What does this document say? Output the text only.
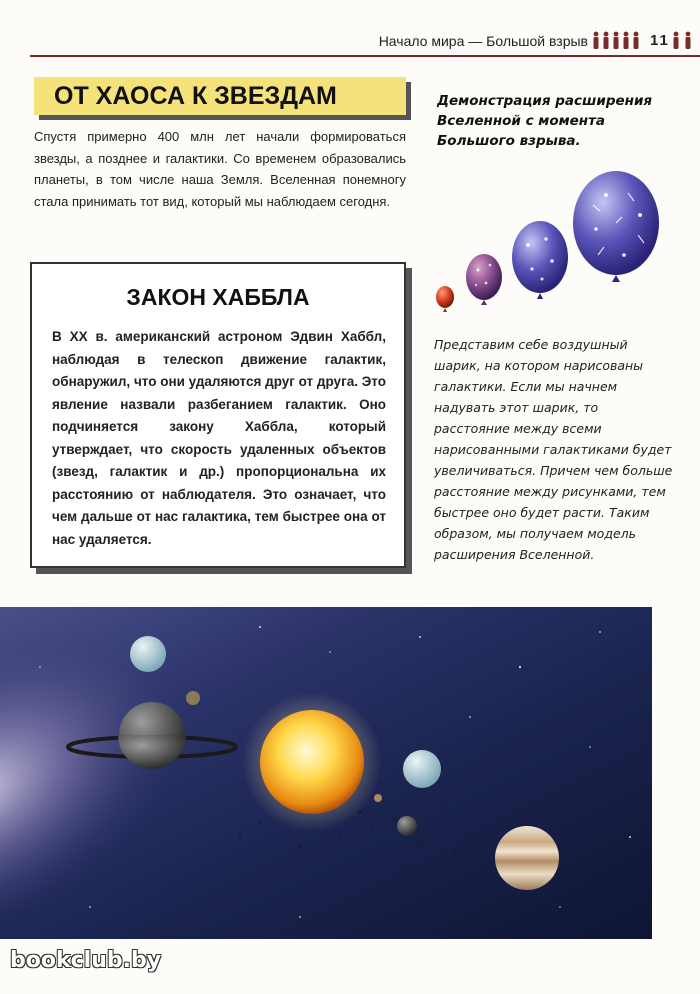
Начало мира — Большой взрыв	11
ОТ ХАОСА К ЗВЕЗДАМ
Спустя примерно 400 млн лет начали формироваться звезды, а позднее и галактики. Со временем образовались планеты, в том числе наша Земля. Вселенная понемногу стала принимать тот вид, который мы наблюдаем сегодня.
ЗАКОН ХАББЛА
В XX в. американский астроном Эдвин Хаббл, наблюдая в телескоп движение галактик, обнаружил, что они удаляются друг от друга. Это явление назвали разбеганием галактик. Оно подчиняется закону Хаббла, который утверждает, что скорость удаленных объектов (звезд, галактик и др.) пропорциональна их расстоянию от наблюдателя. Это означает, что чем дальше от нас галактика, тем быстрее она от нас удаляется.
Демонстрация расширения Вселенной с момента Большого взрыва.
Представим себе воздушный шарик, на котором нарисованы галактики. Если мы начнем надувать этот шарик, то расстояние между всеми нарисованными галактиками будет увеличиваться. Причем чем больше расстояние между рисунками, тем быстрее оно будет расти. Таким образом, мы получаем модель расширения Вселенной.
bookclub.by
